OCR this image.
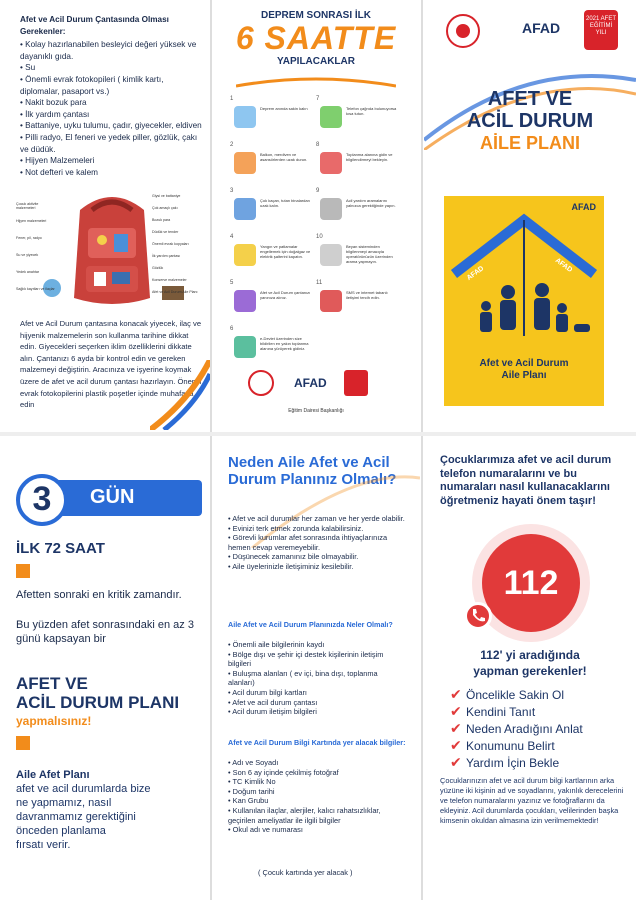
Afet ve Acil Durum Çantasında Olması Gerekenler:
• Kolay hazırlanabilen besleyici değeri yüksek ve dayanıklı gıda.
• Su
• Önemli evrak fotokopileri ( kimlik kartı, diplomalar, pasaport vs.)
• Nakit bozuk para
• İlk yardım çantası
• Battaniye, uyku tulumu, çadır, giyecekler, eldiven
• Pilli radyo, El feneri ve yedek piller, gözlük, çakı ve düdük.
• Hijyen Malzemeleri
• Not defteri ve kalem
Çocuk aktivite malzemeleri
Hijyen malzemeleri
Fener, pil, radyo
Su ve yiyecek
Yedek anahtar
Sağlık kayıtları ve ilaçlar
Giysi ve battaniye
Çok amaçlı çakı
Bozuk para
Düdük ve tender
Önemli evrak kopyaları
İlk yardım çantası
Gözlük
Konserve malzemeler
Afet ve Acil Durum Aile Planı
Afet ve Acil Durum çantasına konacak yiyecek, ilaç ve hijyenik malzemelerin son kullanma tarihine dikkat edin. Giyecekleri seçerken iklim özelliklerini dikkate alın. Çantanızı 6 ayda bir kontrol edin ve gereken malzemeyi değiştirin. Aracınıza ve işyerine koymak üzere de afet ve acil durum çantası hazırlayın. Önemli evrak fotokopilerini plastik poşetler içinde muhafaza edin
DEPREM SONRASI İLK
6 SAATTE
YAPILACAKLAR
1
Deprem anında sakin kalın
7
Telefon çağrıda bulunuyorsa kısa tutun.
2
Balkon, merdiven ve asansörlerden uzak durun.
8
Toplanma alanına gidin ve bilgilendirmeyi bekleyin.
3
Çok kaçan, tutan binalardan uzak kalın.
9
Acil yardım aramalarını yalnızca gerektiğinde yapın.
4
Yangın ve patlamalar engellemek için doğalgaz ve elektrik şalterini kapatın.
10
Beyan sisteminden bilgilenmeyi amacıyla operatörünüzün üzerinden arama yapmayın.
5
Afet ve Acil Durum çantanızı yanınıza alınız.
11
SMS ve internet tabanlı iletişimi tercih edin.
6
e-Devlet üzerinden size bildirilen en yakın toplanma alanına yürüyerek gidiniz.
AFAD
Eğitim Dairesi Başkanlığı
AFAD
2021 AFET EĞİTİMİ YILI
AFET VE
ACİL DURUM
AİLE PLANI
AFAD
AFAD	AFAD
Afet ve Acil Durum
Aile Planı
GÜN
3
İLK 72 SAAT
Afetten sonraki en kritik zamandır.
Bu yüzden afet sonrasındaki en az 3 günü kapsayan bir
AFET VE
ACİL DURUM PLANI
yapmalısınız!
Aile Afet Planı
afet ve acil durumlarda bize
ne yapmamız, nasıl
davranmamız gerektiğini
önceden planlama
fırsatı verir.
Neden Aile Afet ve Acil Durum Planınız Olmalı?
• Afet ve acil durumlar her zaman ve her yerde olabilir.
• Evinizi terk etmek zorunda kalabilirsiniz.
• Görevli kurumlar afet sonrasında ihtiyaçlarınıza hemen cevap veremeyebilir.
• Düşünecek zamanınız bile olmayabilir.
• Aile üyelerinizle iletişiminiz kesilebilir.
Aile Afet ve Acil Durum Planınızda Neler Olmalı?
• Önemli aile bilgilerinin kaydı
• Bölge dışı ve şehir içi destek kişilerinin iletişim bilgileri
• Buluşma alanları ( ev içi, bina dışı, toplanma alanları)
• Acil durum bilgi kartları
• Afet ve acil durum çantası
• Acil durum iletişim bilgileri
Afet ve Acil Durum Bilgi Kartında yer alacak bilgiler:
• Adı ve Soyadı
• Son 6 ay içinde çekilmiş fotoğraf
• TC Kimlik No
• Doğum tarihi
• Kan Grubu
• Kullanılan ilaçlar, alerjiler, kalıcı rahatsızlıklar, geçirilen ameliyatlar ile ilgili bilgiler
• Okul adı ve numarası
( Çocuk kartında yer alacak )
Çocuklarımıza afet ve acil durum telefon numaralarını ve bu numaraları nasıl kullanacaklarını öğretmeniz hayati önem taşır!
112
112' yi aradığında
yapman gerekenler!
✔ Öncelikle Sakin Ol
✔ Kendini Tanıt
✔ Neden Aradığını Anlat
✔ Konumunu Belirt
✔ Yardım İçin Bekle
Çocuklarınızın afet ve acil durum bilgi kartlarının arka yüzüne iki kişinin ad ve soyadlarını, yakınlık derecelerini ve telefon numaralarını yazınız ve fotoğraflarını da ekleyiniz. Acil durumlarda çocukları, velilerinden başka kimsenin okuldan almasına izin verilmemektedir!
